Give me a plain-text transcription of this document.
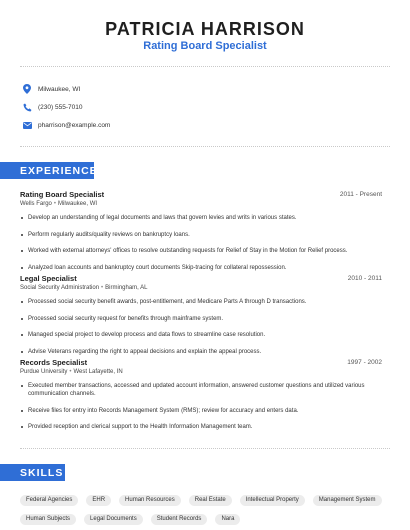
PATRICIA HARRISON
Rating Board Specialist
Milwaukee, WI
(230) 555-7010
pharrison@example.com
EXPERIENCE
Rating Board Specialist	2011 - Present
Wells Fargo • Milwaukee, WI
Develop an understanding of legal documents and laws that govern levies and writs in various states.
Perform regularly audits/quality reviews on bankruptcy loans.
Worked with external attorneys' offices to resolve outstanding requests for Relief of Stay in the Motion for Relief process.
Analyzed loan accounts and bankruptcy court documents Skip-tracing for collateral repossession.
Legal Specialist	2010 - 2011
Social Security Administration • Birmingham, AL
Processed social security benefit awards, post-entitlement, and Medicare Parts A through D transactions.
Processed social security request for benefits through mainframe system.
Managed special project to develop process and data flows to streamline case resolution.
Advise Veterans regarding the right to appeal decisions and explain the appeal process.
Records Specialist	1997 - 2002
Purdue University • West Lafayette, IN
Executed member transactions, accessed and updated account information, answered customer questions and utilized various communication channels.
Receive files for entry into Records Management System (RMS); review for accuracy and enters data.
Provided reception and clerical support to the Health Information Management team.
SKILLS
Federal Agencies	EHR	Human Resources	Real Estate	Intellectual Property	Management System
Human Subjects	Legal Documents	Student Records	Nara
